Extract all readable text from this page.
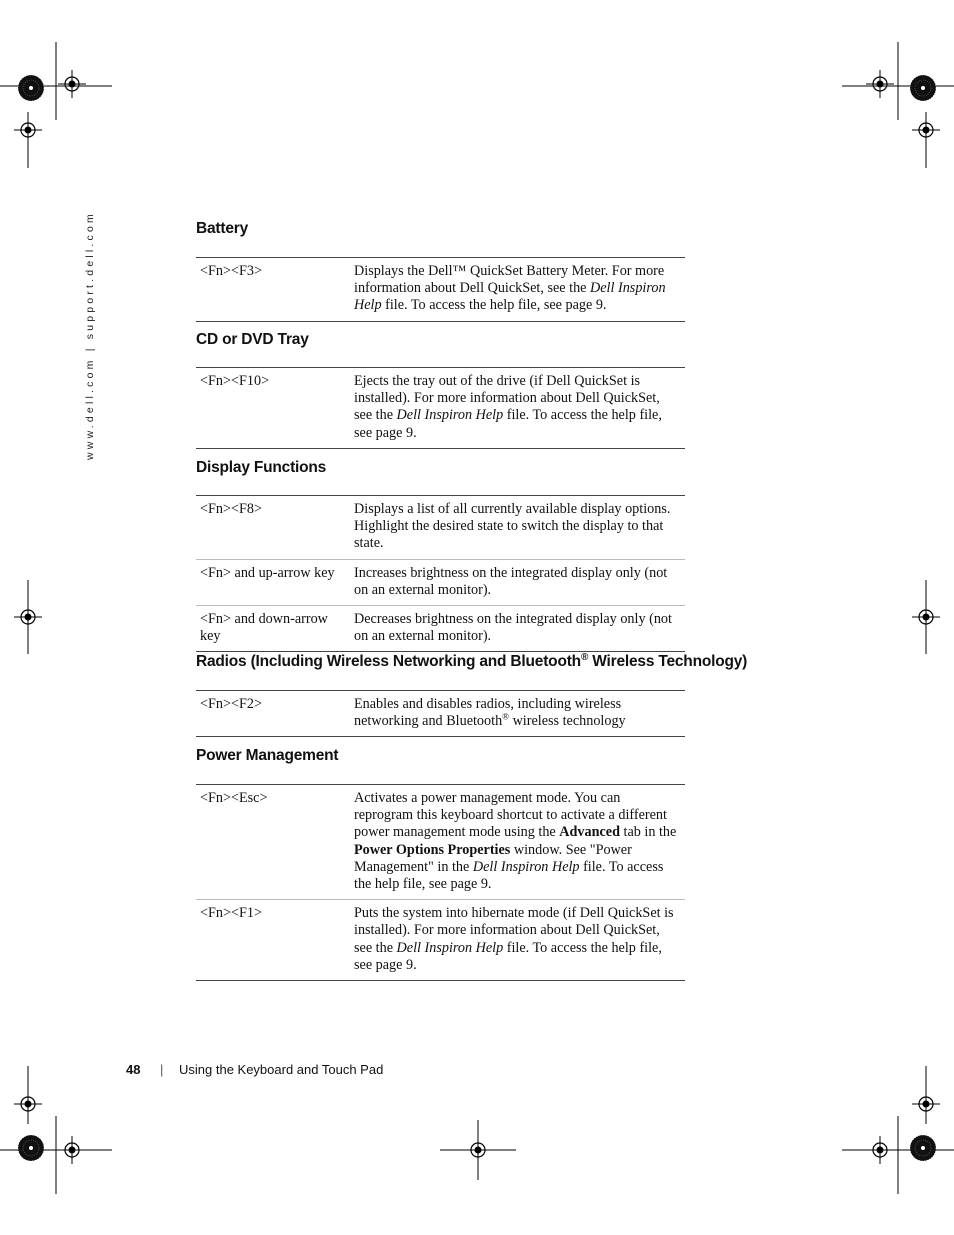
www.dell.com | support.dell.com	Battery
<Fn><F3>	Displays the Dell™ QuickSet Battery Meter. For more information about Dell QuickSet, see the Dell Inspiron Help file. To access the help file, see page 9.
CD or DVD Tray
<Fn><F10>	Ejects the tray out of the drive (if Dell QuickSet is installed). For more information about Dell QuickSet, see the Dell Inspiron Help file. To access the help file, see page 9.
Display Functions
<Fn><F8>	Displays a list of all currently available display options. Highlight the desired state to switch the display to that state.
<Fn> and up-arrow key	Increases brightness on the integrated display only (not on an external monitor).
<Fn> and down-arrow key	Decreases brightness on the integrated display only (not on an external monitor).
Radios (Including Wireless Networking and Bluetooth® Wireless Technology)
<Fn><F2>	Enables and disables radios, including wireless networking and Bluetooth® wireless technology
Power Management
<Fn><Esc>	Activates a power management mode. You can reprogram this keyboard shortcut to activate a different power management mode using the Advanced tab in the Power Options Properties window. See "Power Management" in the Dell Inspiron Help file. To access the help file, see page 9.
<Fn><F1>	Puts the system into hibernate mode (if Dell QuickSet is installed). For more information about Dell QuickSet, see the Dell Inspiron Help file. To access the help file, see page 9.
48 | Using the Keyboard and Touch Pad
